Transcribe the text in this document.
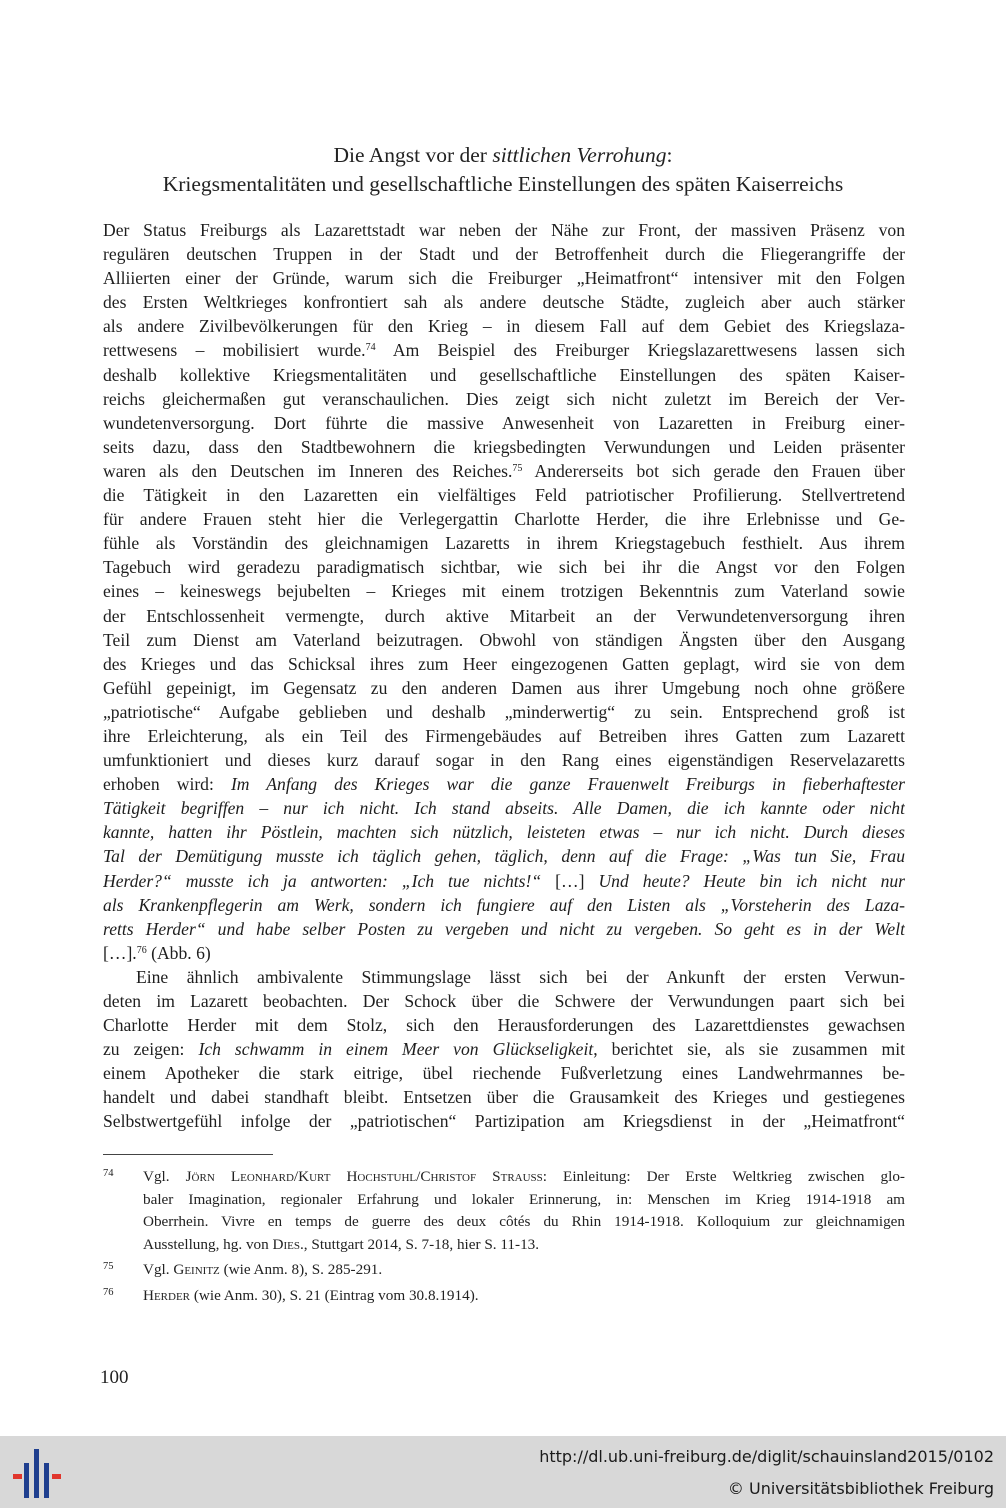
Die Angst vor der sittlichen Verrohung:
Kriegsmentalitäten und gesellschaftliche Einstellungen des späten Kaiserreichs
Der Status Freiburgs als Lazarettstadt war neben der Nähe zur Front, der massiven Präsenz von
regulären deutschen Truppen in der Stadt und der Betroffenheit durch die Fliegerangriffe der
Alliierten einer der Gründe, warum sich die Freiburger „Heimatfront“ intensiver mit den Folgen
des Ersten Weltkrieges konfrontiert sah als andere deutsche Städte, zugleich aber auch stärker
als andere Zivilbevölkerungen für den Krieg – in diesem Fall auf dem Gebiet des Kriegslaza-
rettwesens – mobilisiert wurde.$^{74}$ Am Beispiel des Freiburger Kriegslazarettwesens lassen sich
deshalb kollektive Kriegsmentalitäten und gesellschaftliche Einstellungen des späten Kaiser-
reichs gleichermaßen gut veranschaulichen. Dies zeigt sich nicht zuletzt im Bereich der Ver-
wundetenversorgung. Dort führte die massive Anwesenheit von Lazaretten in Freiburg einer-
seits dazu, dass den Stadtbewohnern die kriegsbedingten Verwundungen und Leiden präsenter
waren als den Deutschen im Inneren des Reiches.$^{75}$ Andererseits bot sich gerade den Frauen über
die Tätigkeit in den Lazaretten ein vielfältiges Feld patriotischer Profilierung. Stellvertretend
für andere Frauen steht hier die Verlegergattin Charlotte Herder, die ihre Erlebnisse und Ge-
fühle als Vorständin des gleichnamigen Lazaretts in ihrem Kriegstagebuch festhielt. Aus ihrem
Tagebuch wird geradezu paradigmatisch sichtbar, wie sich bei ihr die Angst vor den Folgen
eines – keineswegs bejubelten – Krieges mit einem trotzigen Bekenntnis zum Vaterland sowie
der Entschlossenheit vermengte, durch aktive Mitarbeit an der Verwundetenversorgung ihren
Teil zum Dienst am Vaterland beizutragen. Obwohl von ständigen Ängsten über den Ausgang
des Krieges und das Schicksal ihres zum Heer eingezogenen Gatten geplagt, wird sie von dem
Gefühl gepeinigt, im Gegensatz zu den anderen Damen aus ihrer Umgebung noch ohne größere
„patriotische“ Aufgabe geblieben und deshalb „minderwertig“ zu sein. Entsprechend groß ist
ihre Erleichterung, als ein Teil des Firmengebäudes auf Betreiben ihres Gatten zum Lazarett
umfunktioniert und dieses kurz darauf sogar in den Rang eines eigenständigen Reservelazaretts
erhoben wird: Im Anfang des Krieges war die ganze Frauenwelt Freiburgs in fieberhaftester
Tätigkeit begriffen – nur ich nicht. Ich stand abseits. Alle Damen, die ich kannte oder nicht
kannte, hatten ihr Pöstlein, machten sich nützlich, leisteten etwas – nur ich nicht. Durch dieses
Tal der Demütigung musste ich täglich gehen, täglich, denn auf die Frage: „Was tun Sie, Frau
Herder?“ musste ich ja antworten: „Ich tue nichts!“ […] Und heute? Heute bin ich nicht nur
als Krankenpflegerin am Werk, sondern ich fungiere auf den Listen als „Vorsteherin des Laza-
retts Herder“ und habe selber Posten zu vergeben und nicht zu vergeben. So geht es in der Welt
[…].$^{76}$ (Abb. 6)
Eine ähnlich ambivalente Stimmungslage lässt sich bei der Ankunft der ersten Verwun-
deten im Lazarett beobachten. Der Schock über die Schwere der Verwundungen paart sich bei
Charlotte Herder mit dem Stolz, sich den Herausforderungen des Lazarettdienstes gewachsen
zu zeigen: Ich schwamm in einem Meer von Glückseligkeit, berichtet sie, als sie zusammen mit
einem Apotheker die stark eitrige, übel riechende Fußverletzung eines Landwehrmannes be-
handelt und dabei standhaft bleibt. Entsetzen über die Grausamkeit des Krieges und gestiegenes
Selbstwertgefühl infolge der „patriotischen“ Partizipation am Kriegsdienst in der „Heimatfront“
74 Vgl. Jörn Leonhard/Kurt Hochstuhl/Christof Strauss: Einleitung: Der Erste Weltkrieg zwischen glo-
baler Imagination, regionaler Erfahrung und lokaler Erinnerung, in: Menschen im Krieg 1914-1918 am
Oberrhein. Vivre en temps de guerre des deux côtés du Rhin 1914-1918. Kolloquium zur gleichnamigen
Ausstellung, hg. von Dies., Stuttgart 2014, S. 7-18, hier S. 11-13.
75 Vgl. Geinitz (wie Anm. 8), S. 285-291.
76 Herder (wie Anm. 30), S. 21 (Eintrag vom 30.8.1914).
100
http://dl.ub.uni-freiburg.de/diglit/schauinsland2015/0102
© Universitätsbibliothek Freiburg
